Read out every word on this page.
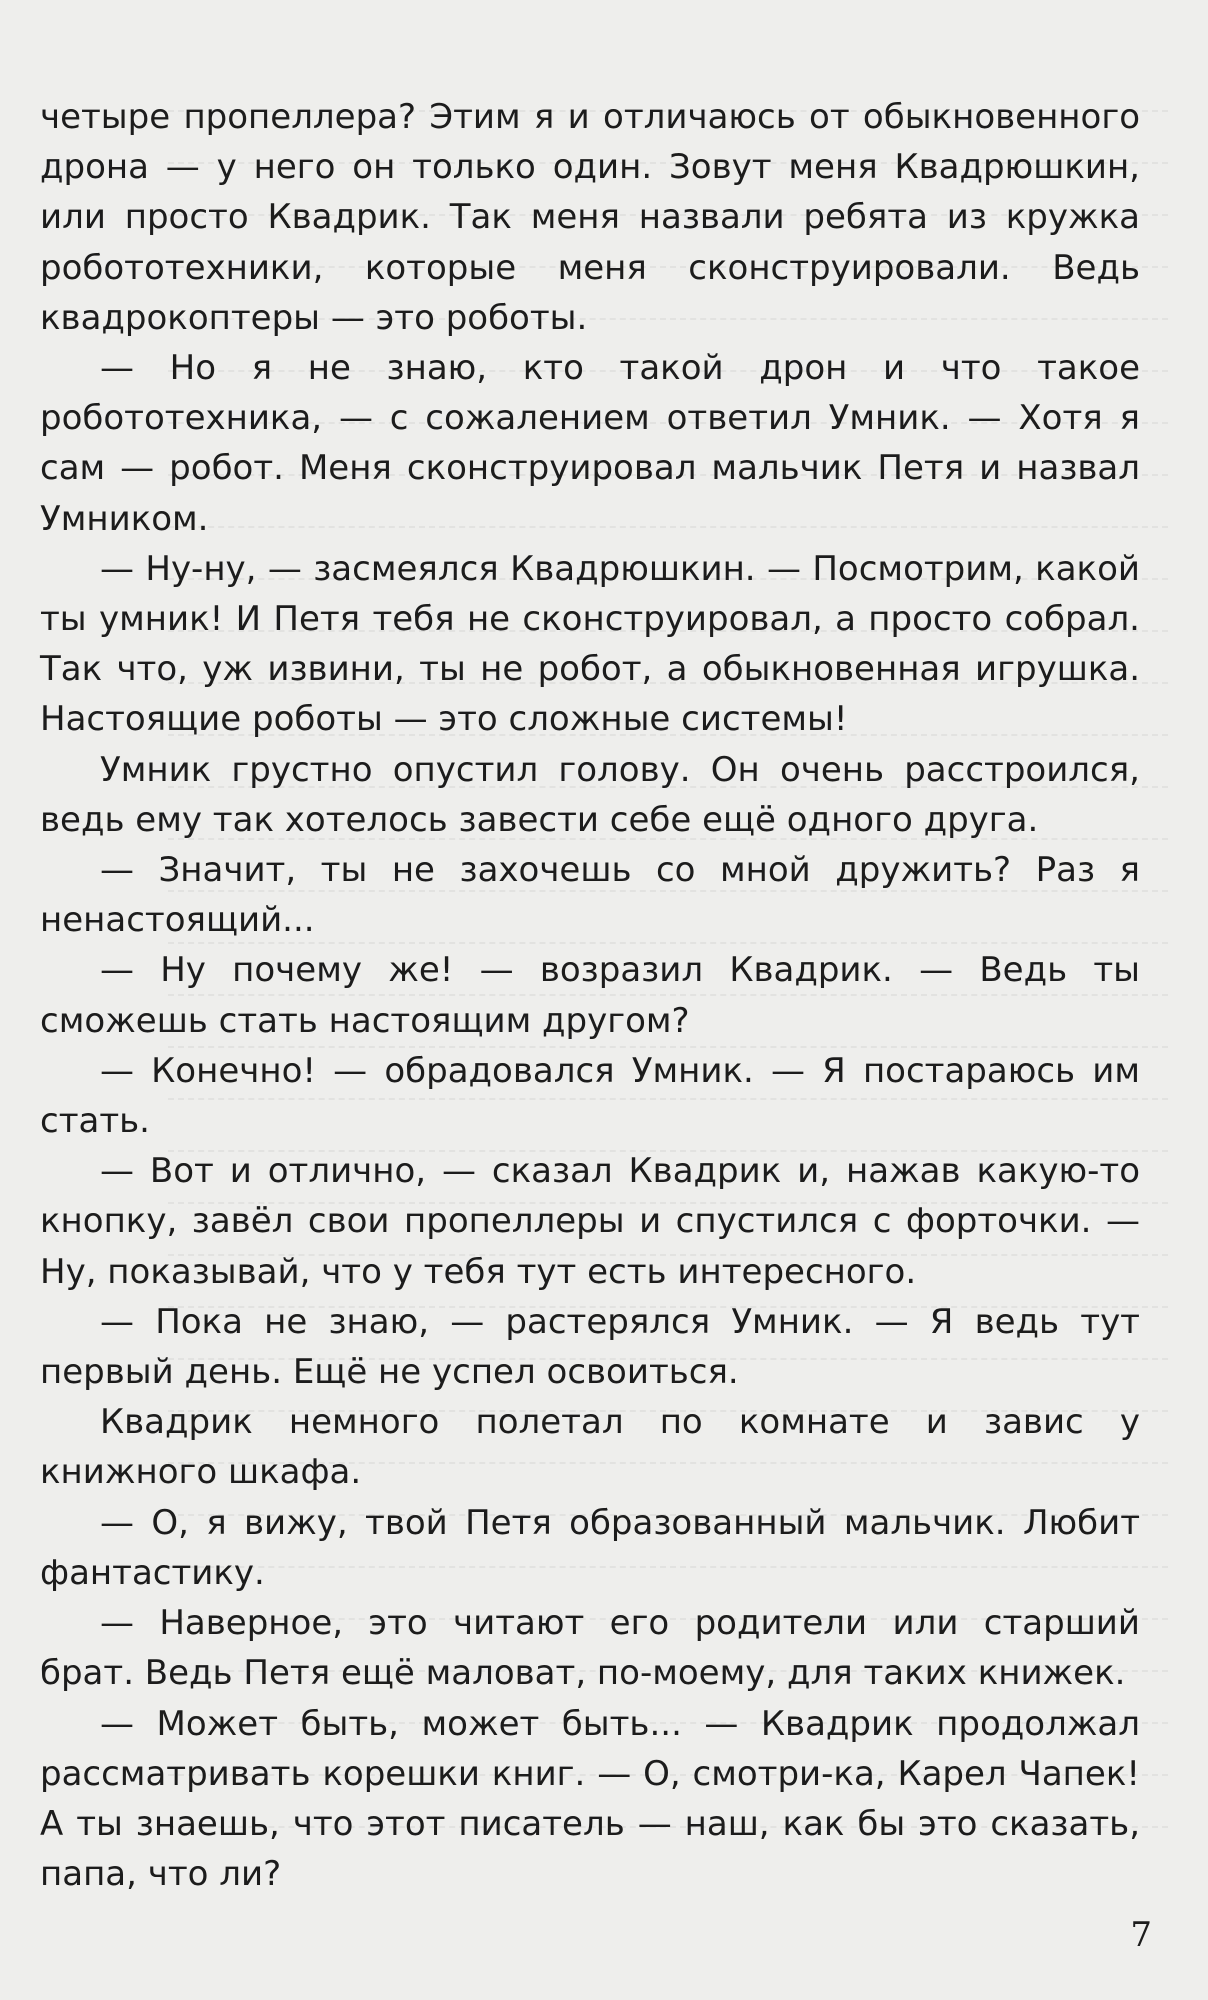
четыре пропеллера? Этим я и отличаюсь от обыкновенного дрона — у него он только один. Зовут меня Квадрюшкин, или просто Квадрик. Так меня назвали ребята из кружка робототехники, которые меня сконструировали. Ведь квадрокоптеры — это роботы.

— Но я не знаю, кто такой дрон и что такое робототехника, — с сожалением ответил Умник. — Хотя я сам — робот. Меня сконструировал мальчик Петя и назвал Умником.

— Ну-ну, — засмеялся Квадрюшкин. — Посмотрим, какой ты умник! И Петя тебя не сконструировал, а просто собрал. Так что, уж извини, ты не робот, а обыкновенная игрушка. Настоящие роботы — это сложные системы!

Умник грустно опустил голову. Он очень расстроился, ведь ему так хотелось завести себе ещё одного друга.

— Значит, ты не захочешь со мной дружить? Раз я ненастоящий...

— Ну почему же! — возразил Квадрик. — Ведь ты сможешь стать настоящим другом?

— Конечно! — обрадовался Умник. — Я постараюсь им стать.

— Вот и отлично, — сказал Квадрик и, нажав какую-то кнопку, завёл свои пропеллеры и спустился с форточки. — Ну, показывай, что у тебя тут есть интересного.

— Пока не знаю, — растерялся Умник. — Я ведь тут первый день. Ещё не успел освоиться.

Квадрик немного полетал по комнате и завис у книжного шкафа.

— О, я вижу, твой Петя образованный мальчик. Любит фантастику.

— Наверное, это читают его родители или старший брат. Ведь Петя ещё маловат, по-моему, для таких книжек.

— Может быть, может быть... — Квадрик продолжал рассматривать корешки книг. — О, смотри-ка, Карел Чапек! А ты знаешь, что этот писатель — наш, как бы это сказать, папа, что ли?

7
